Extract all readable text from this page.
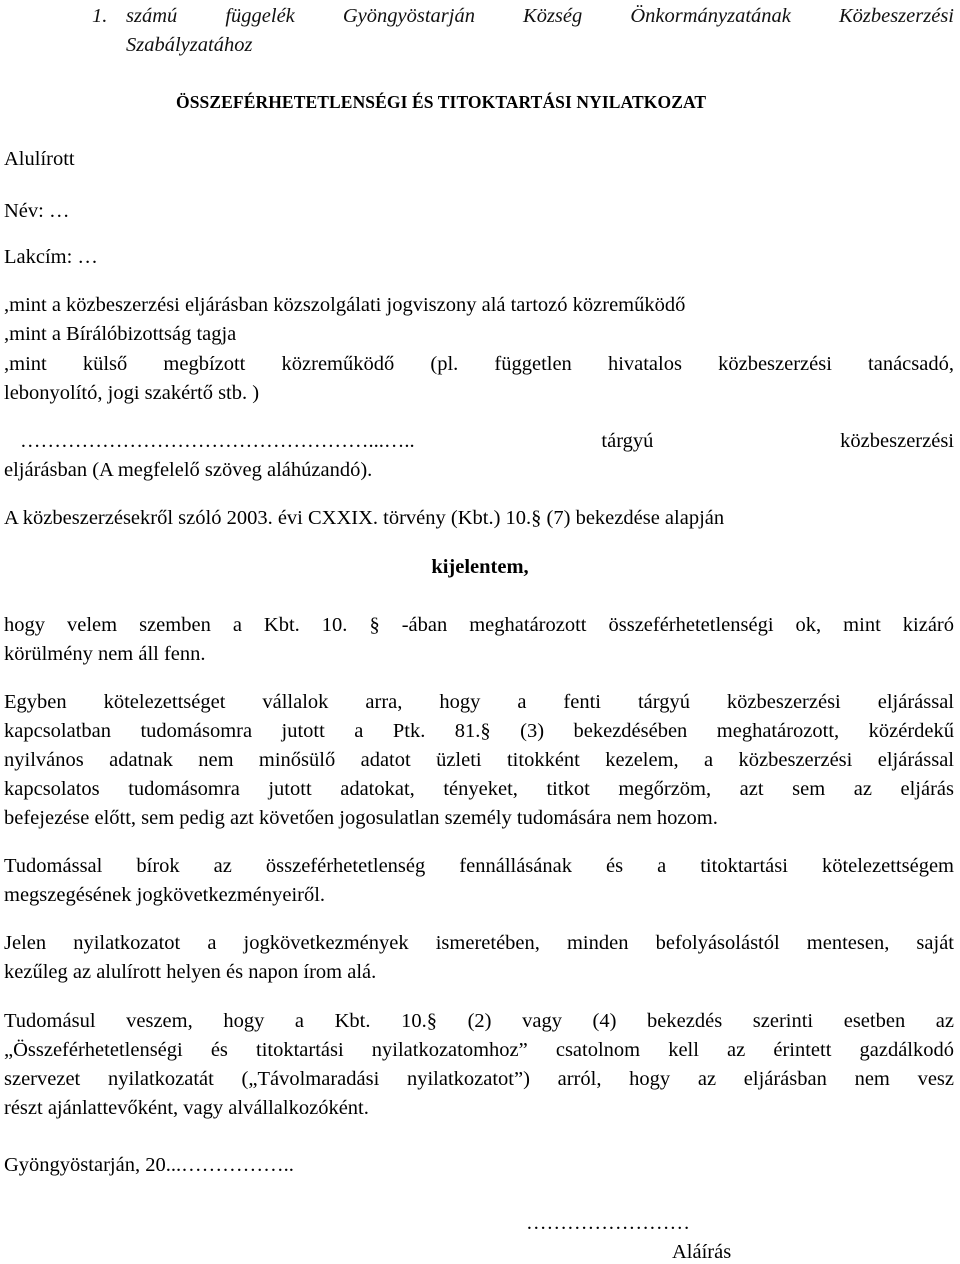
1. számú függelék Gyöngyöstarján Község Önkormányzatának Közbeszerzési
Szabályzatához
ÖSSZEFÉRHETETLENSÉGI ÉS TITOKTARTÁSI NYILATKOZAT
Alulírott
Név: …
Lakcím: …
,mint a közbeszerzési eljárásban közszolgálati jogviszony alá tartozó közreműködő
,mint a Bírálóbizottság tagja
,mint külső megbízott közreműködő (pl. független hivatalos közbeszerzési tanácsadó,
lebonyolító, jogi szakértő stb. )
……………………………………………...….. tárgyú közbeszerzési
eljárásban (A megfelelő szöveg aláhúzandó).
A közbeszerzésekről szóló 2003. évi CXXIX. törvény (Kbt.) 10.§ (7) bekezdése alapján
kijelentem,
hogy velem szemben a Kbt. 10. § -ában meghatározott összeférhetetlenségi ok, mint kizáró
körülmény nem áll fenn.
Egyben kötelezettséget vállalok arra, hogy a fenti tárgyú közbeszerzési eljárással
kapcsolatban tudomásomra jutott a Ptk. 81.§ (3) bekezdésében meghatározott, közérdekű
nyilvános adatnak nem minősülő adatot üzleti titokként kezelem, a közbeszerzési eljárással
kapcsolatos tudomásomra jutott adatokat, tényeket, titkot megőrzöm, azt sem az eljárás
befejezése előtt, sem pedig azt követően jogosulatlan személy tudomására nem hozom.
Tudomással bírok az összeférhetetlenség fennállásának és a titoktartási kötelezettségem
megszegésének jogkövetkezményeiről.
Jelen nyilatkozatot a jogkövetkezmények ismeretében, minden befolyásolástól mentesen, saját
kezűleg az alulírott helyen és napon írom alá.
Tudomásul veszem, hogy a Kbt. 10.§ (2) vagy (4) bekezdés szerinti esetben az
„Összeférhetetlenségi és titoktartási nyilatkozatomhoz” csatolnom kell az érintett gazdálkodó
szervezet nyilatkozatát („Távolmaradási nyilatkozatot”) arról, hogy az eljárásban nem vesz
részt ajánlattevőként, vagy alvállalkozóként.
Gyöngyöstarján, 20...……………..
……………………
Aláírás
